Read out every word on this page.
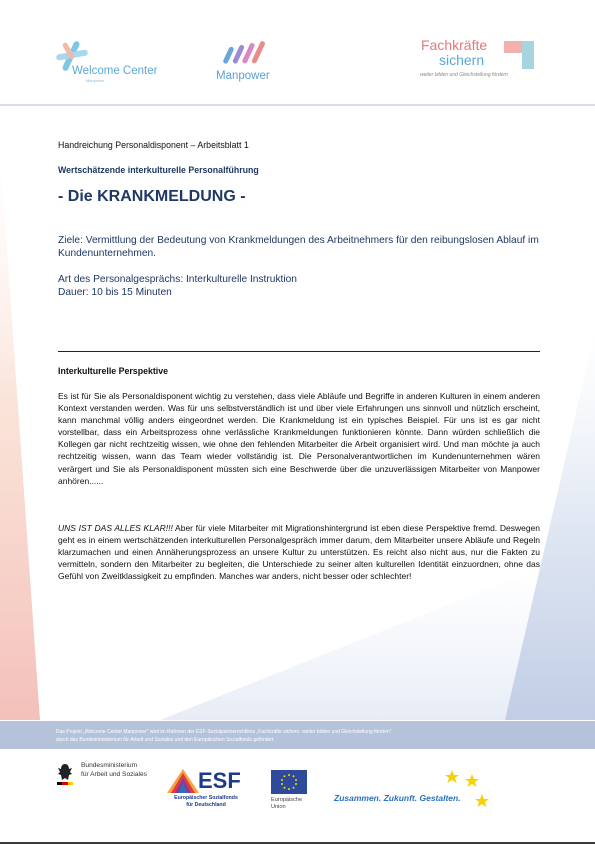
Welcome Center
Manpower	Manpower
Fachkräfte
sichern
weiter bilden und Gleichstellung fördern
Handreichung Personaldisponent – Arbeitsblatt 1
Wertschätzende interkulturelle Personalführung
- Die KRANKMELDUNG -
Ziele: Vermittlung der Bedeutung von Krankmeldungen des Arbeitnehmers für den reibungslosen Ablauf im Kundenunternehmen.
Art des Personalgesprächs: Interkulturelle Instruktion
Dauer: 10 bis 15 Minuten
Interkulturelle Perspektive
Es ist für Sie als Personaldisponent wichtig zu verstehen, dass viele Abläufe und Begriffe in anderen Kulturen in einem anderen Kontext verstanden werden. Was für uns selbstverständlich ist und über viele Erfahrungen uns sinnvoll und nützlich erscheint, kann manchmal völlig anders eingeordnet werden. Die Krankmeldung ist ein typisches Beispiel. Für uns ist es gar nicht vorstellbar, dass ein Arbeitsprozess ohne verlässliche Krankmeldungen funktionieren könnte. Dann würden schließlich die Kollegen gar nicht rechtzeitig wissen, wie ohne den fehlenden Mitarbeiter die Arbeit organisiert wird. Und man möchte ja auch rechtzeitig wissen, wann das Team wieder vollständig ist. Die Personalverantwortlichen im Kundenunternehmen wären verärgert und Sie als Personaldisponent müssten sich eine Beschwerde über die unzuverlässigen Mitarbeiter von Manpower anhören......
UNS IST DAS ALLES KLAR!!! Aber für viele Mitarbeiter mit Migrationshintergrund ist eben diese Perspektive fremd. Deswegen geht es in einem wertschätzenden interkulturellen Personalgespräch immer darum, dem Mitarbeiter unsere Abläufe und Regeln klarzumachen und einen Annäherungsprozess an unsere Kultur zu unterstützen. Es reicht also nicht aus, nur die Fakten zu vermitteln, sondern den Mitarbeiter zu begleiten, die Unterschiede zu seiner alten kulturellen Identität einzuordnen, ohne das Gefühl von Zweitklassigkeit zu empfinden. Manches war anders, nicht besser oder schlechter!
Das Projekt „Welcome Center Manpower“ wird im Rahmen der ESF-Sozialpartnerrichtlinie „Fachkräfte sichern: weiter bilden und Gleichstellung fördern“
durch das Bundesministerium für Arbeit und Soziales und den Europäischen Sozialfonds gefördert.
Bundesministerium
für Arbeit und Soziales ESF
Europäischer Sozialfonds
für Deutschland
Europäische
Union
Zusammen. Zukunft. Gestalten.
